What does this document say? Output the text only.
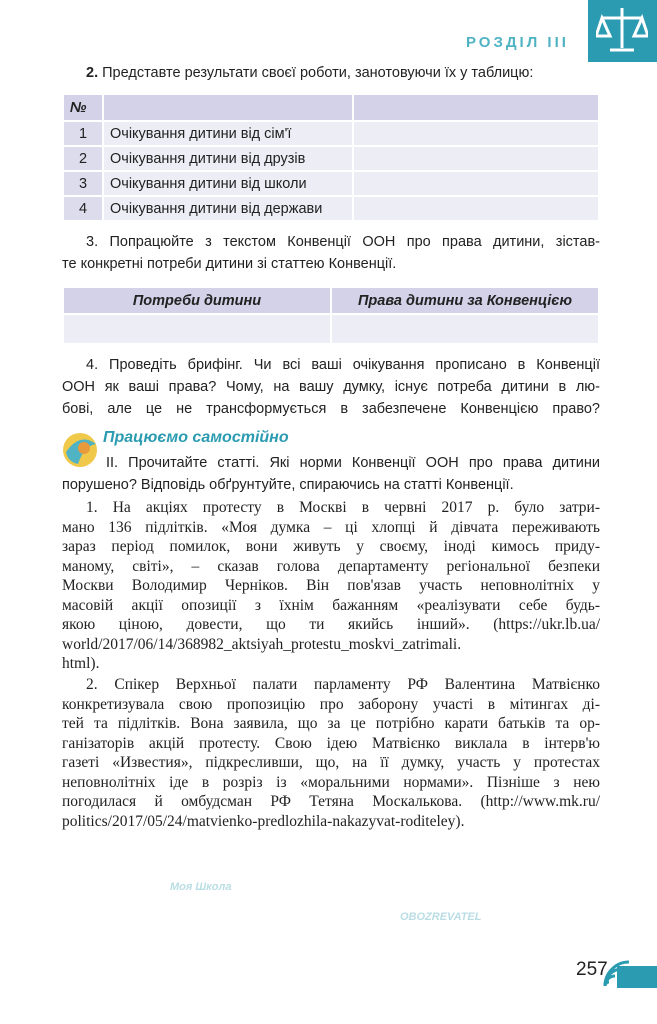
РОЗДІЛ III
2. Представте результати своєї роботи, занотовуючи їх у таблицю:
№		
1	Очікування дитини від сім'ї	
2	Очікування дитини від друзів	
3	Очікування дитини від школи	
4	Очікування дитини від держави	
3. Попрацюйте з текстом Конвенції ООН про права дитини, зістав-
те конкретні потреби дитини зі статтею Конвенції.
Потреби дитини	Права дитини за Конвенцією

4. Проведіть брифінг. Чи всі ваші очікування прописано в Конвенції
ООН як ваші права? Чому, на вашу думку, існує потреба дитини в лю-
бові, але це не трансформується в забезпечене Конвенцією право?
Працюємо самостійно
II. Прочитайте статті. Які норми Конвенції ООН про права дитини
порушено? Відповідь обґрунтуйте, спираючись на статті Конвенції.
1. На акціях протесту в Москві в червні 2017 р. було затри-
мано 136 підлітків. «Моя думка – ці хлопці й дівчата переживають
зараз період помилок, вони живуть у своєму, іноді кимось приду-
маному, світі», – сказав голова департаменту регіональної безпеки
Москви Володимир Черніков. Він пов'язав участь неповнолітніх у
масовій акції опозиції з їхнім бажанням «реалізувати себе будь-
якою ціною, довести, що ти якийсь інший». (https://ukr.lb.ua/
world/2017/06/14/368982_aktsiyah_protestu_moskvi_zatrimali.
html).
2. Спікер Верхньої палати парламенту РФ Валентина Матвієнко
конкретизувала свою пропозицію про заборону участі в мітингах ді-
тей та підлітків. Вона заявила, що за це потрібно карати батьків та ор-
ганізаторів акцій протесту. Свою ідею Матвієнко виклала в інтерв'ю
газеті «Известия», підкресливши, що, на її думку, участь у протестах
неповнолітніх іде в розріз із «моральними нормами». Пізніше з нею
погодилася й омбудсман РФ Тетяна Москалькова. (http://www.mk.ru/
politics/2017/05/24/matvienko-predlozhila-nakazyvat-roditeley).
257
Моя Школа
OBOZREVATEL
